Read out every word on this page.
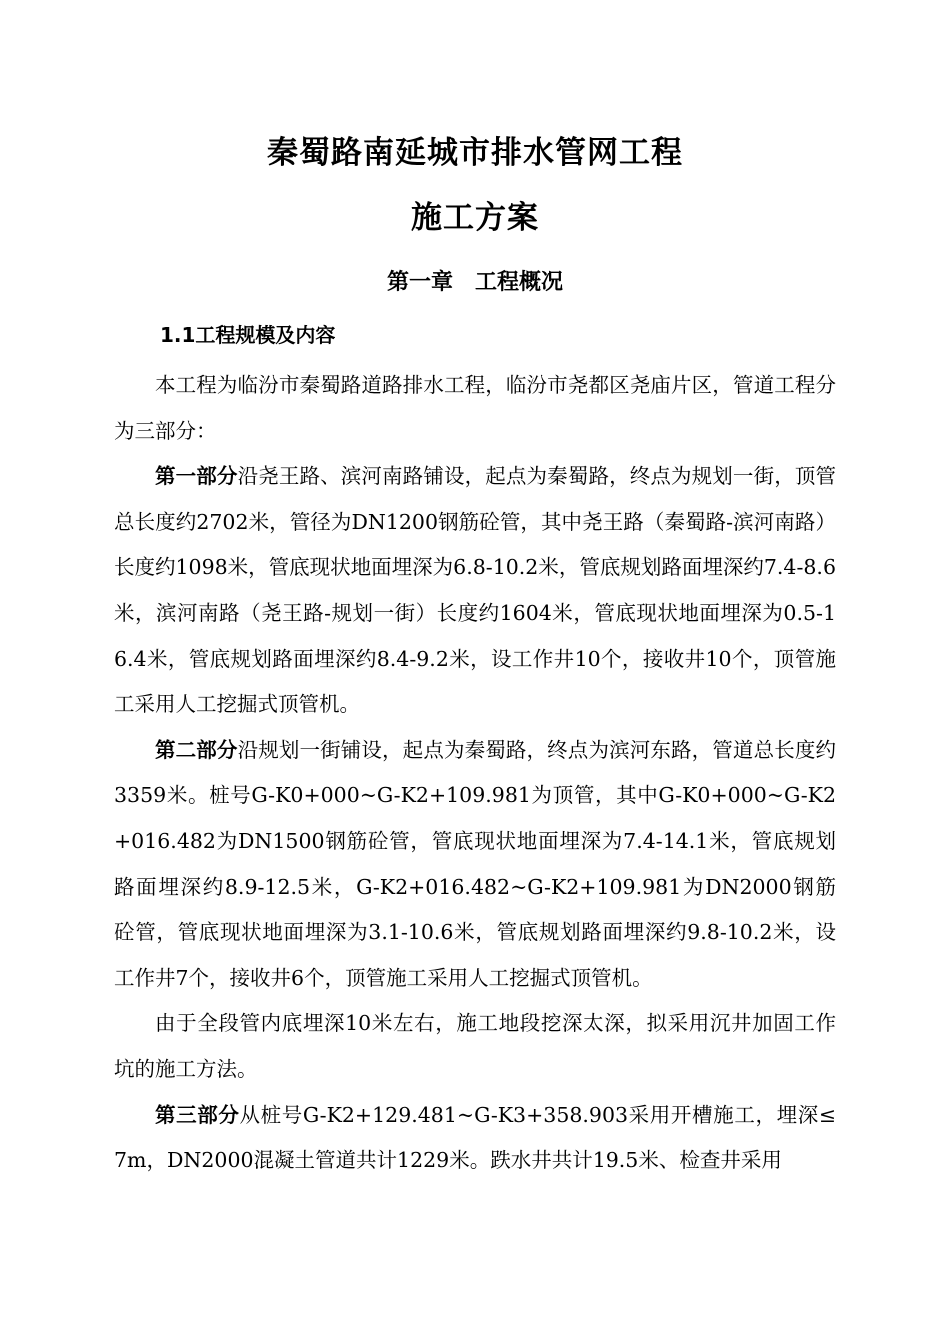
秦蜀路南延城市排水管网工程
施工方案
第一章　工程概况
1.1工程规模及内容

本工程为临汾市秦蜀路道路排水工程，临汾市尧都区尧庙片区，管道工程分为三部分：

第一部分沿尧王路、滨河南路铺设，起点为秦蜀路，终点为规划一街，顶管总长度约2702米，管径为DN1200钢筋砼管，其中尧王路（秦蜀路-滨河南路）长度约1098米，管底现状地面埋深为6.8-10.2米，管底规划路面埋深约7.4-8.6米，滨河南路（尧王路-规划一街）长度约1604米，管底现状地面埋深为0.5-16.4米，管底规划路面埋深约8.4-9.2米，设工作井10个，接收井10个，顶管施工采用人工挖掘式顶管机。

第二部分沿规划一街铺设，起点为秦蜀路，终点为滨河东路，管道总长度约3359米。桩号G-K0+000~G-K2+109.981为顶管，其中G-K0+000~G-K2+016.482为DN1500钢筋砼管，管底现状地面埋深为7.4-14.1米，管底规划路面埋深约8.9-12.5米，G-K2+016.482~G-K2+109.981为DN2000钢筋砼管，管底现状地面埋深为3.1-10.6米，管底规划路面埋深约9.8-10.2米，设工作井7个，接收井6个，顶管施工采用人工挖掘式顶管机。

由于全段管内底埋深10米左右，施工地段挖深太深，拟采用沉井加固工作坑的施工方法。

第三部分从桩号G-K2+129.481~G-K3+358.903采用开槽施工，埋深≤7m，DN2000混凝土管道共计1229米。跌水井共计19.5米、检查井采用
